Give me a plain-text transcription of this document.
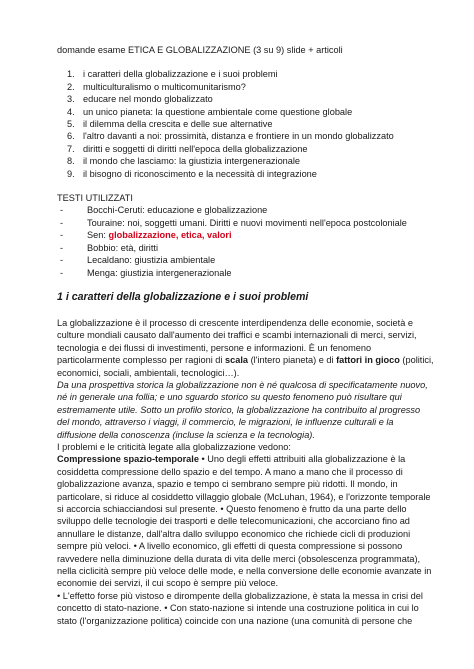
domande esame ETICA E GLOBALIZZAZIONE (3 su 9) slide + articoli

1. i caratteri della globalizzazione e i suoi problemi
2. multiculturalismo o multicomunitarismo?
3. educare nel mondo globalizzato
4. un unico pianeta: la questione ambientale come questione globale
5. il dilemma della crescita e delle sue alternative
6. l'altro davanti a noi: prossimità, distanza e frontiere in un mondo globalizzato
7. diritti e soggetti di diritti nell'epoca della globalizzazione
8. il mondo che lasciamo: la giustizia intergenerazionale
9. il bisogno di riconoscimento e la necessità di integrazione

TESTI UTILIZZATI

-	Bocchi-Ceruti: educazione e globalizzazione
-	Touraine: noi, soggetti umani. Diritti e nuovi movimenti nell'epoca postcoloniale
-	Sen: globalizzazione, etica, valori
-	Bobbio: età, diritti
-	Lecaldano: giustizia ambientale
-	Menga: giustizia intergenerazionale
1 i caratteri della globalizzazione e i suoi problemi

La globalizzazione è il processo di crescente interdipendenza delle economie, società e culture mondiali causato dall'aumento dei traffici e scambi internazionali di merci, servizi, tecnologia e dei flussi di investimenti, persone e informazioni. È un fenomeno particolarmente complesso per ragioni di scala (l'intero pianeta) e di fattori in gioco (politici, economici, sociali, ambientali, tecnologici…).

Da una prospettiva storica la globalizzazione non è né qualcosa di specificatamente nuovo, né in generale una follia; e uno sguardo storico su questo fenomeno può risultare qui estremamente utile. Sotto un profilo storico, la globalizzazione ha contribuito al progresso del mondo, attraverso i viaggi, il commercio, le migrazioni, le influenze culturali e la diffusione della conoscenza (incluse la scienza e la tecnologia).

I problemi e le criticità legate alla globalizzazione vedono:

Compressione spazio-temporale • Uno degli effetti attribuiti alla globalizzazione è la cosiddetta compressione dello spazio e del tempo. A mano a mano che il processo di globalizzazione avanza, spazio e tempo ci sembrano sempre più ridotti. Il mondo, in particolare, si riduce al cosiddetto villaggio globale (McLuhan, 1964), e l'orizzonte temporale si accorcia schiacciandosi sul presente. • Questo fenomeno è frutto da una parte dello sviluppo delle tecnologie dei trasporti e delle telecomunicazioni, che accorciano fino ad annullare le distanze, dall'altra dallo sviluppo economico che richiede cicli di produzioni sempre più veloci. • A livello economico, gli effetti di questa compressione si possono ravvedere nella diminuzione della durata di vita delle merci (obsolescenza programmata), nella ciclicità sempre più veloce delle mode, e nella conversione delle economie avanzate in economie dei servizi, il cui scopo è sempre più veloce.

• L'effetto forse più vistoso e dirompente della globalizzazione, è stata la messa in crisi del concetto di stato-nazione. • Con stato-nazione si intende una costruzione politica in cui lo stato (l'organizzazione politica) coincide con una nazione (una comunità di persone che
